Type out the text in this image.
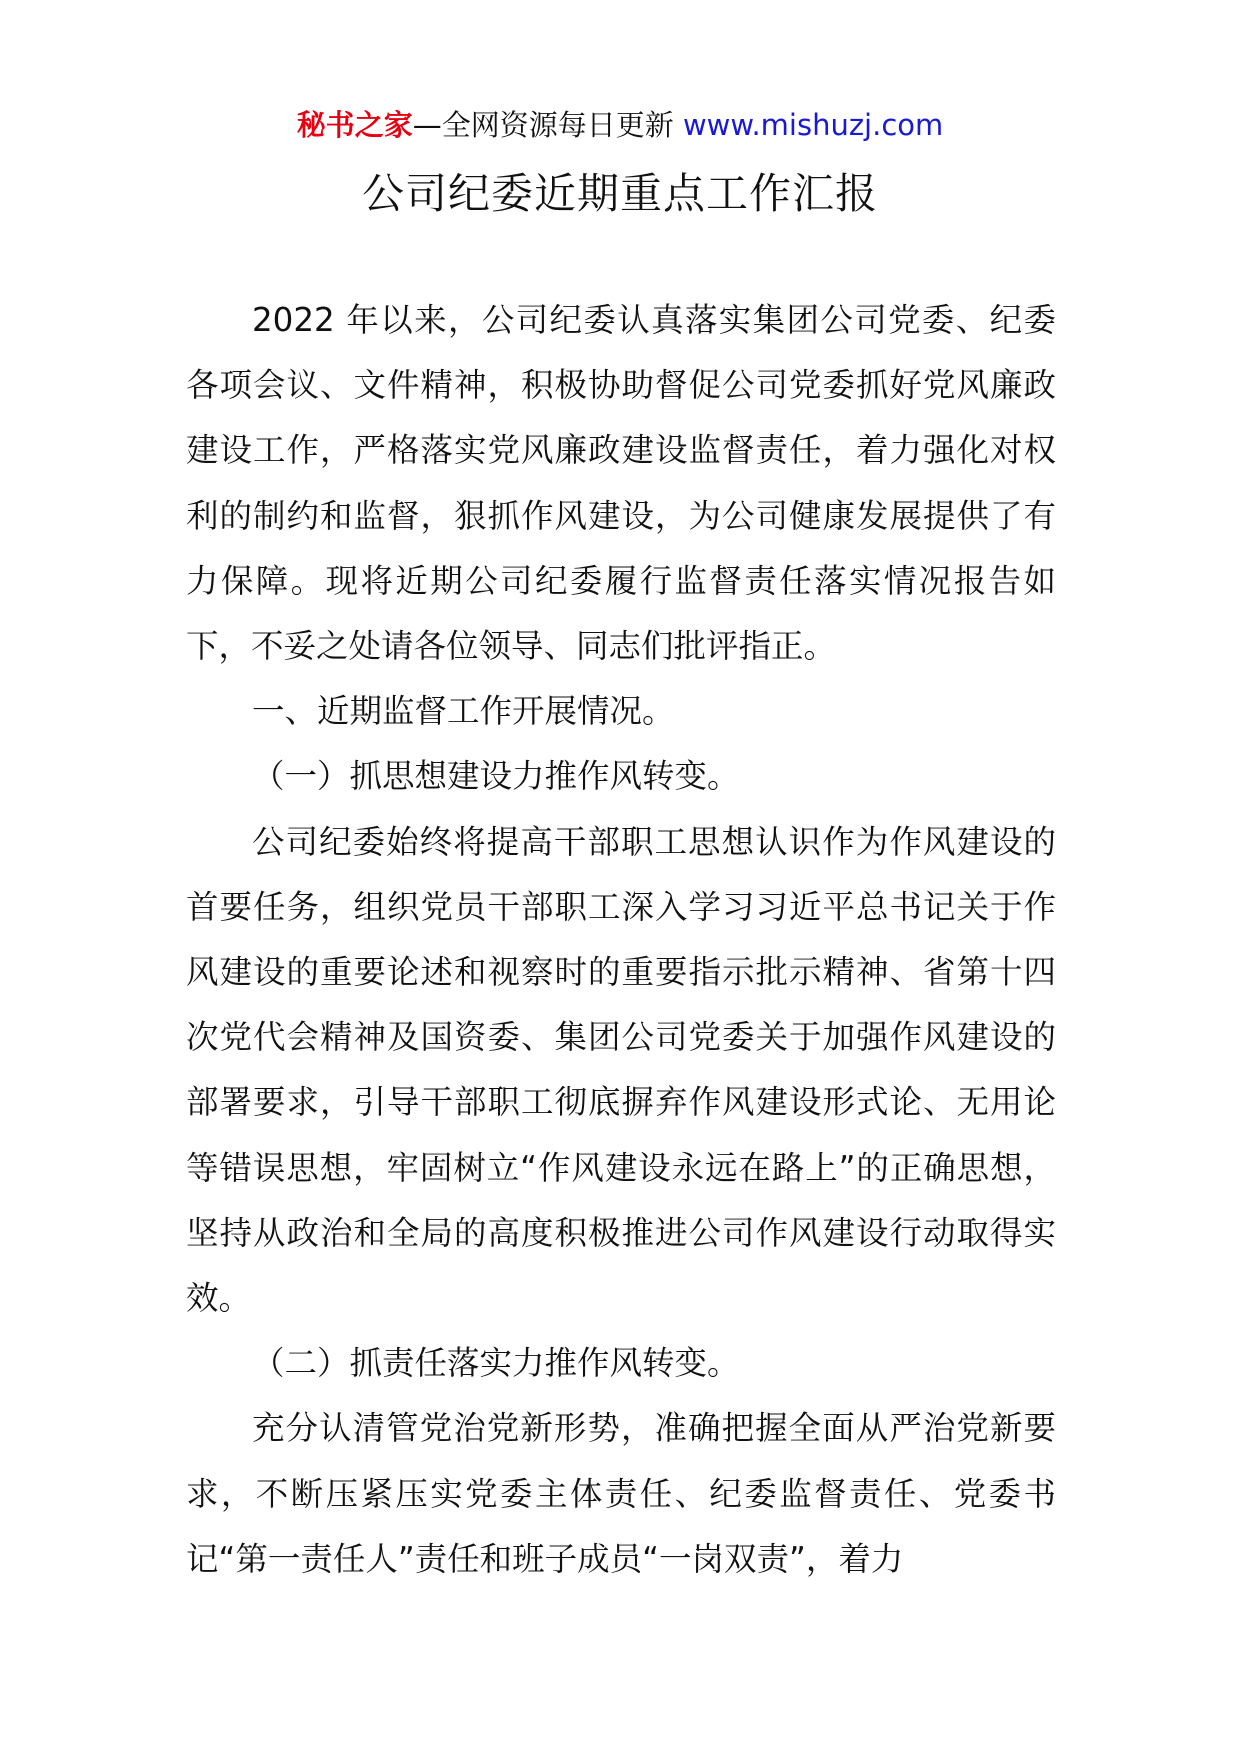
秘书之家—全网资源每日更新 www.mishuzj.com
公司纪委近期重点工作汇报

2022 年以来，公司纪委认真落实集团公司党委、纪委各项会议、文件精神，积极协助督促公司党委抓好党风廉政建设工作，严格落实党风廉政建设监督责任，着力强化对权利的制约和监督，狠抓作风建设，为公司健康发展提供了有力保障。现将近期公司纪委履行监督责任落实情况报告如下，不妥之处请各位领导、同志们批评指正。

一、近期监督工作开展情况。

（一）抓思想建设力推作风转变。

公司纪委始终将提高干部职工思想认识作为作风建设的首要任务，组织党员干部职工深入学习习近平总书记关于作风建设的重要论述和视察时的重要指示批示精神、省第十四次党代会精神及国资委、集团公司党委关于加强作风建设的部署要求，引导干部职工彻底摒弃作风建设形式论、无用论等错误思想，牢固树立“作风建设永远在路上”的正确思想，坚持从政治和全局的高度积极推进公司作风建设行动取得实效。

（二）抓责任落实力推作风转变。

充分认清管党治党新形势，准确把握全面从严治党新要求，不断压紧压实党委主体责任、纪委监督责任、党委书记“第一责任人”责任和班子成员“一岗双责”，着力
